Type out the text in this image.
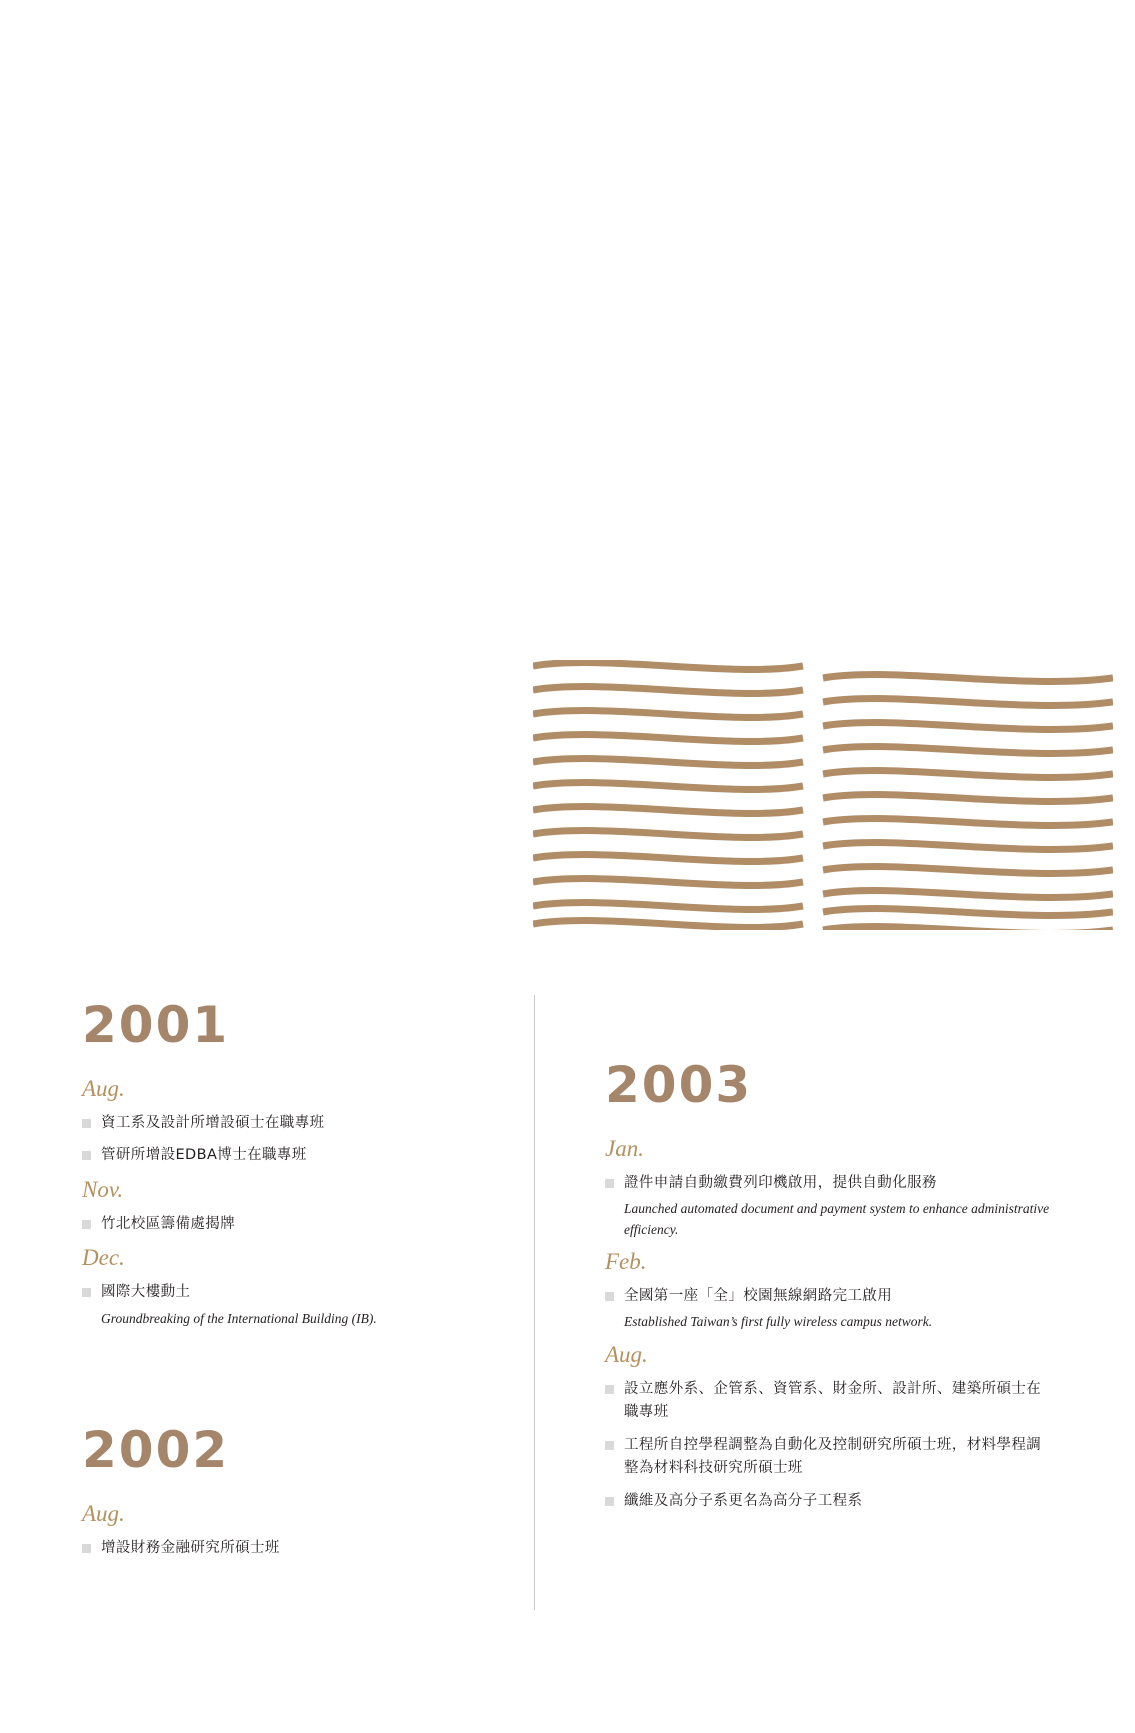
2001
Aug.
資工系及設計所增設碩士在職專班
管研所增設EDBA博士在職專班
Nov.
竹北校區籌備處揭牌
Dec.
國際大樓動土
Groundbreaking of the International Building (IB).
2002
Aug.
增設財務金融研究所碩士班
2003
Jan.
證件申請自動繳費列印機啟用，提供自動化服務
Launched automated document and payment system to enhance administrative efficiency.
Feb.
全國第一座「全」校園無線網路完工啟用
Established Taiwan’s first fully wireless campus network.
Aug.
設立應外系、企管系、資管系、財金所、設計所、建築所碩士在職專班
工程所自控學程調整為自動化及控制研究所碩士班，材料學程調整為材料科技研究所碩士班
纖維及高分子系更名為高分子工程系
